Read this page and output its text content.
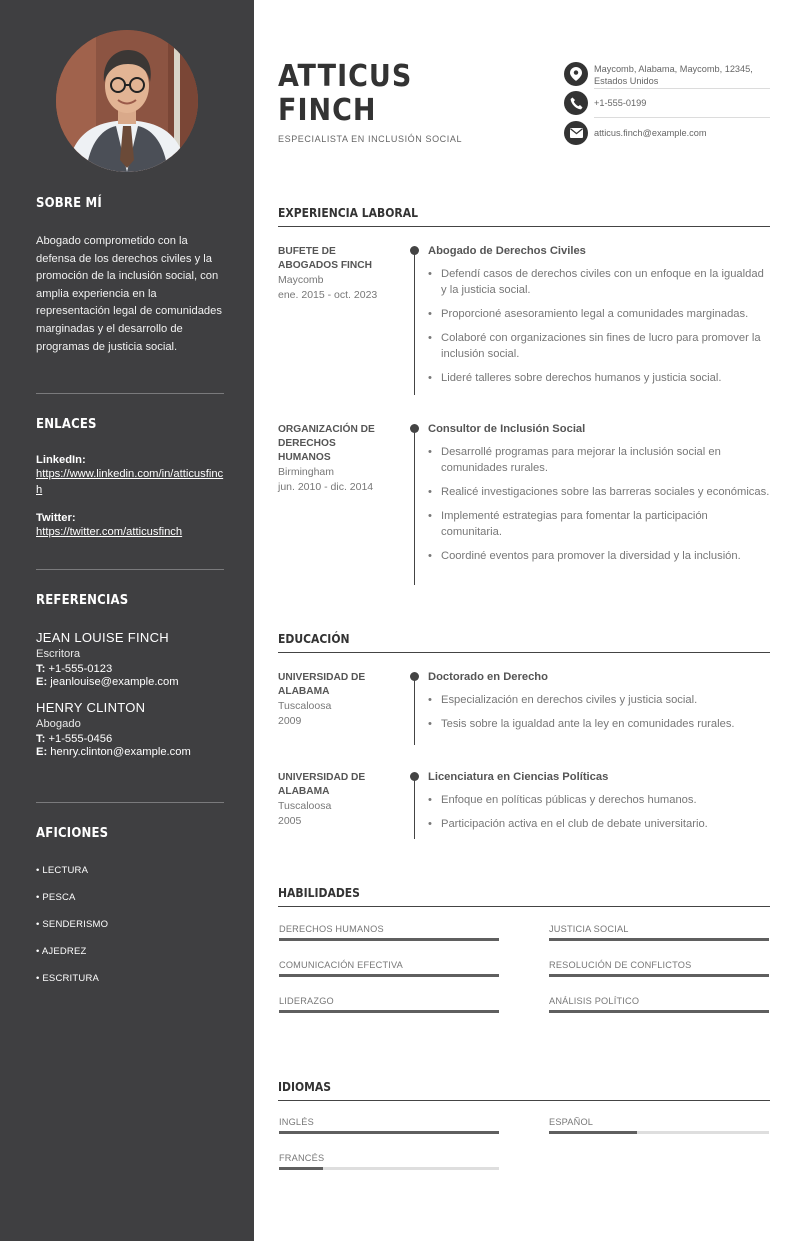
SOBRE MÍ
Abogado comprometido con la defensa de los derechos civiles y la promoción de la inclusión social, con amplia experiencia en la representación legal de comunidades marginadas y el desarrollo de programas de justicia social.
ENLACES
LinkedIn:
https://www.linkedin.com/in/atticusfinch
Twitter:
https://twitter.com/atticusfinch
REFERENCIAS
JEAN LOUISE FINCH
Escritora
T: +1-555-0123
E: jeanlouise@example.com
HENRY CLINTON
Abogado
T: +1-555-0456
E: henry.clinton@example.com
AFICIONES
• LECTURA
• PESCA
• SENDERISMO
• AJEDREZ
• ESCRITURA
ATTICUS
FINCH
ESPECIALISTA EN INCLUSIÓN SOCIAL
Maycomb, Alabama, Maycomb, 12345, Estados Unidos
+1-555-0199
atticus.finch@example.com
EXPERIENCIA LABORAL
BUFETE DE ABOGADOS FINCH
Maycomb
ene. 2015 - oct. 2023
Abogado de Derechos Civiles
• Defendí casos de derechos civiles con un enfoque en la igualdad y la justicia social.
• Proporcioné asesoramiento legal a comunidades marginadas.
• Colaboré con organizaciones sin fines de lucro para promover la inclusión social.
• Lideré talleres sobre derechos humanos y justicia social.
ORGANIZACIÓN DE DERECHOS HUMANOS
Birmingham
jun. 2010 - dic. 2014
Consultor de Inclusión Social
• Desarrollé programas para mejorar la inclusión social en comunidades rurales.
• Realicé investigaciones sobre las barreras sociales y económicas.
• Implementé estrategias para fomentar la participación comunitaria.
• Coordiné eventos para promover la diversidad y la inclusión.
EDUCACIÓN
UNIVERSIDAD DE ALABAMA
Tuscaloosa
2009
Doctorado en Derecho
• Especialización en derechos civiles y justicia social.
• Tesis sobre la igualdad ante la ley en comunidades rurales.
UNIVERSIDAD DE ALABAMA
Tuscaloosa
2005
Licenciatura en Ciencias Políticas
• Enfoque en políticas públicas y derechos humanos.
• Participación activa en el club de debate universitario.
HABILIDADES
DERECHOS HUMANOS	JUSTICIA SOCIAL
COMUNICACIÓN EFECTIVA	RESOLUCIÓN DE CONFLICTOS
LIDERAZGO	ANÁLISIS POLÍTICO
IDIOMAS
INGLÉS	ESPAÑOL
FRANCÉS
